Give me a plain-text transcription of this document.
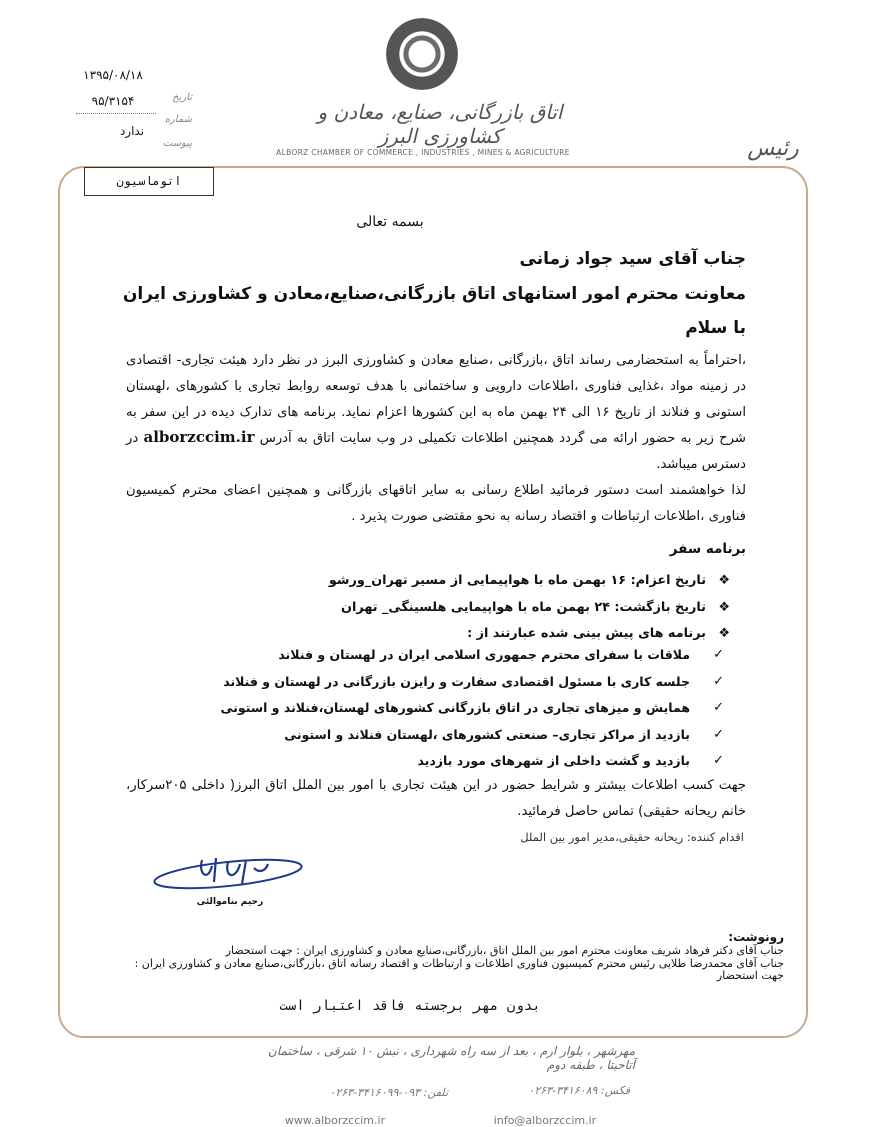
اتاق بازرگانی، صنایع، معادن و کشاورزی البرز
ALBORZ CHAMBER OF COMMERCE , INDUSTRIES , MINES & AGRICULTURE	رئیس
۱۳۹۵/۰۸/۱۸
تاریخ
۹۵/۳۱۵۴
شماره
ندارد
پیوست
اتوماسیون
بسمه تعالی
جناب آقای سید جواد زمانی
معاونت محترم امور استانهای اتاق بازرگانی،صنایع،معادن و کشاورزی ایران
با سلام
،احتراماً به استحضارمی رساند اتاق ،بازرگانی ،صنایع معادن و کشاورزی البرز در نظر دارد هیئت تجاری- اقتصادی در زمینه مواد ،غذایی فناوری ،اطلاعات دارویی و ساختمانی با هدف توسعه روابط تجاری با کشورهای ،لهستان استونی و فنلاند از تاریخ ۱۶ الی ۲۴ بهمن ماه به این کشورها اعزام نماید. برنامه های تدارک دیده در این سفر به شرح زیر به حضور ارائه می گردد همچنین اطلاعات تکمیلی در وب سایت اتاق به آدرس alborzccim.ir در دسترس میباشد.
لذا خواهشمند است دستور فرمائید اطلاع رسانی به سایر اتاقهای بازرگانی و همچنین اعضای محترم کمیسیون فناوری ،اطلاعات ارتباطات و اقتصاد رسانه به نحو مقتضی صورت پذیرد .
برنامه سفر
❖
تاریخ اعزام: ۱۶ بهمن ماه با هواپیمایی از مسیر تهران_ورشو
❖
تاریخ بازگشت: ۲۴ بهمن ماه با هواپیمایی هلسینگی_ تهران
❖
برنامه های پیش بینی شده عبارتند از :
✓
ملاقات با سفرای محترم جمهوری اسلامی ایران در لهستان و فنلاند
✓
جلسه کاری با مسئول اقتصادی سفارت و رایزن بازرگانی در لهستان و فنلاند
✓
همایش و میزهای تجاری در اتاق بازرگانی کشورهای لهستان،فنلاند و استونی
✓
بازدید از مراکز تجاری– صنعتی کشورهای ،لهستان فنلاند و استونی
✓
بازدید و گشت داخلی از شهرهای مورد بازدید
جهت کسب اطلاعات بیشتر و شرایط حضور در این هیئت تجاری با امور بین الملل اتاق البرز( داخلی ۲۰۵سرکار، خانم ریحانه حقیقی) تماس حاصل فرمائید.
اقدام کننده: ریحانه حقیقی،مدیر امور بین الملل
رحیم بناموالئی
رونوشت:
جناب آقای دکتر فرهاد شریف معاونت محترم امور بین الملل اتاق ،بازرگانی،صنایع معادن و کشاورزی ایران : جهت استحضار
جناب آقای محمدرضا طلایی رئیس محترم کمیسیون فناوری اطلاعات و ارتباطات و اقتصاد رسانه اتاق ،بازرگانی،صنایع معادن و کشاورزی ایران : جهت استحضار
بدون مهر برجسته فاقد اعتبار است
مهرشهر ، بلوار ارم ، بعد از سه راه شهرداری ، نبش ۱۰ شرقی ، ساختمان آتاحیتا ، طبقه دوم
تلفن: ۰۹۳-۳۴۱۶۰۹۹-۰۲۶۳	فکس: ۳۴۱۶۰۸۹-۰۲۶۳
www.alborzccim.ir	info@alborzccim.ir
